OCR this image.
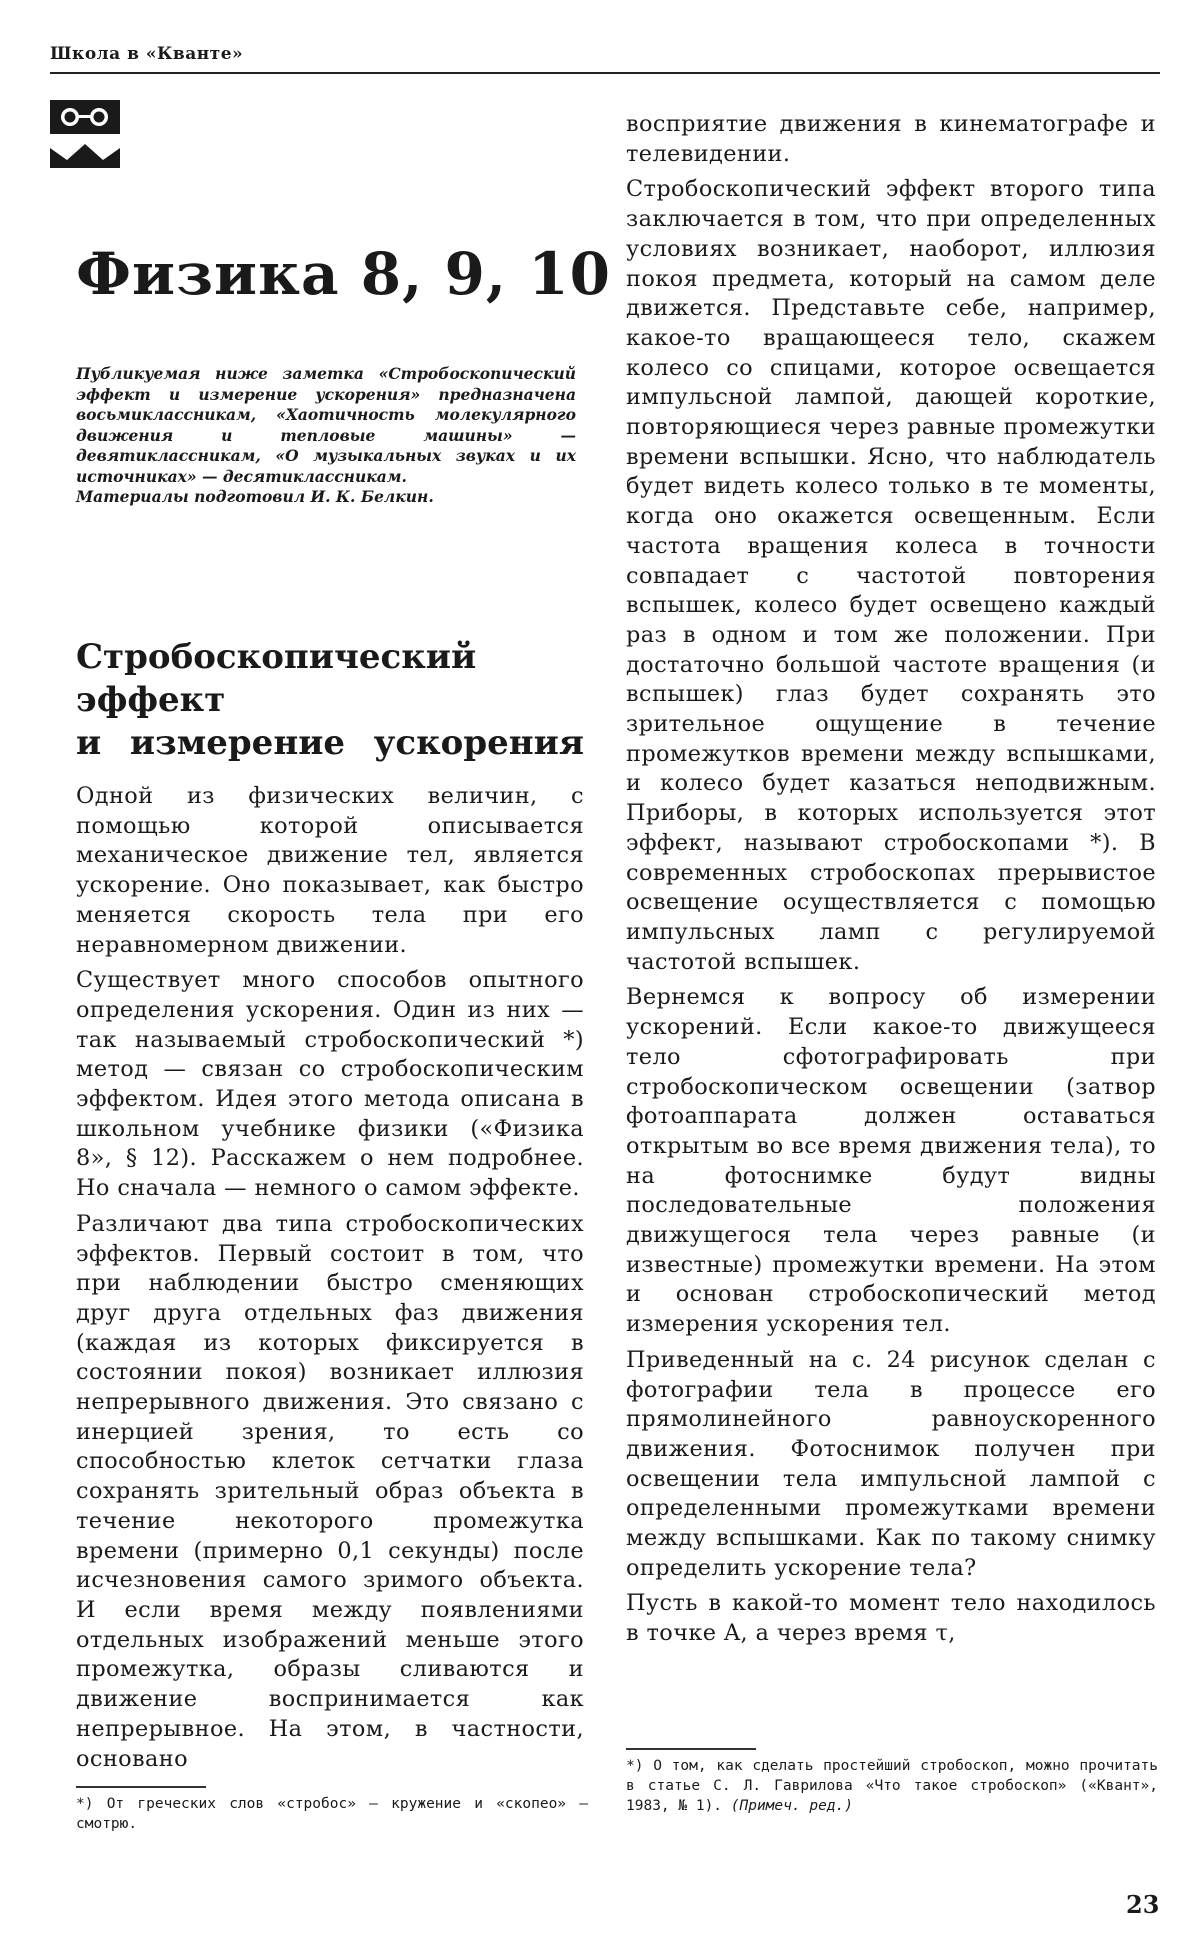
Школа в «Кванте»
Физика 8, 9, 10

Публикуемая ниже заметка «Стробоскопический эффект и измерение ускорения» предназначена восьмиклассникам, «Хаотичность молекулярного движения и тепловые машины» — девятиклассникам, «О музыкальных звуках и их источниках» — десятиклассникам.

Материалы подготовил И. К. Белкин.

Стробоскопический
эффект
и измерение ускорения

Одной из физических величин, с помощью которой описывается механическое движение тел, является ускорение. Оно показывает, как быстро меняется скорость тела при его неравномерном движении.

Существует много способов опытного определения ускорения. Один из них — так называемый стробоскопический *) метод — связан со стробоскопическим эффектом. Идея этого метода описана в школьном учебнике физики («Физика 8», § 12). Расскажем о нем подробнее. Но сначала — немного о самом эффекте.

Различают два типа стробоскопических эффектов. Первый состоит в том, что при наблюдении быстро сменяющих друг друга отдельных фаз движения (каждая из которых фиксируется в состоянии покоя) возникает иллюзия непрерывного движения. Это связано с инерцией зрения, то есть со способностью клеток сетчатки глаза сохранять зрительный образ объекта в течение некоторого промежутка времени (примерно 0,1 секунды) после исчезновения самого зримого объекта. И если время между появлениями отдельных изображений меньше этого промежутка, образы сливаются и движение воспринимается как непрерывное. На этом, в частности, основано

восприятие движения в кинематографе и телевидении.

Стробоскопический эффект второго типа заключается в том, что при определенных условиях возникает, наоборот, иллюзия покоя предмета, который на самом деле движется. Представьте себе, например, какое-то вращающееся тело, скажем колесо со спицами, которое освещается импульсной лампой, дающей короткие, повторяющиеся через равные промежутки времени вспышки. Ясно, что наблюдатель будет видеть колесо только в те моменты, когда оно окажется освещенным. Если частота вращения колеса в точности совпадает с частотой повторения вспышек, колесо будет освещено каждый раз в одном и том же положении. При достаточно большой частоте вращения (и вспышек) глаз будет сохранять это зрительное ощущение в течение промежутков времени между вспышками, и колесо будет казаться неподвижным. Приборы, в которых используется этот эффект, называют стробоскопами *). В современных стробоскопах прерывистое освещение осуществляется с помощью импульсных ламп с регулируемой частотой вспышек.

Вернемся к вопросу об измерении ускорений. Если какое-то движущееся тело сфотографировать при стробоскопическом освещении (затвор фотоаппарата должен оставаться открытым во все время движения тела), то на фотоснимке будут видны последовательные положения движущегося тела через равные (и известные) промежутки времени. На этом и основан стробоскопический метод измерения ускорения тел.

Приведенный на с. 24 рисунок сделан с фотографии тела в процессе его прямолинейного равноускоренного движения. Фотоснимок получен при освещении тела импульсной лампой с определенными промежутками времени между вспышками. Как по такому снимку определить ускорение тела?

Пусть в какой-то момент тело находилось в точке A, а через время τ,

*) От греческих слов «стробос» — кружение и «скопео» — смотрю.
*) О том, как сделать простейший стробоскоп, можно прочитать в статье С. Л. Гаврилова «Что такое стробоскоп» («Квант», 1983, № 1). (Примеч. ред.)
23
